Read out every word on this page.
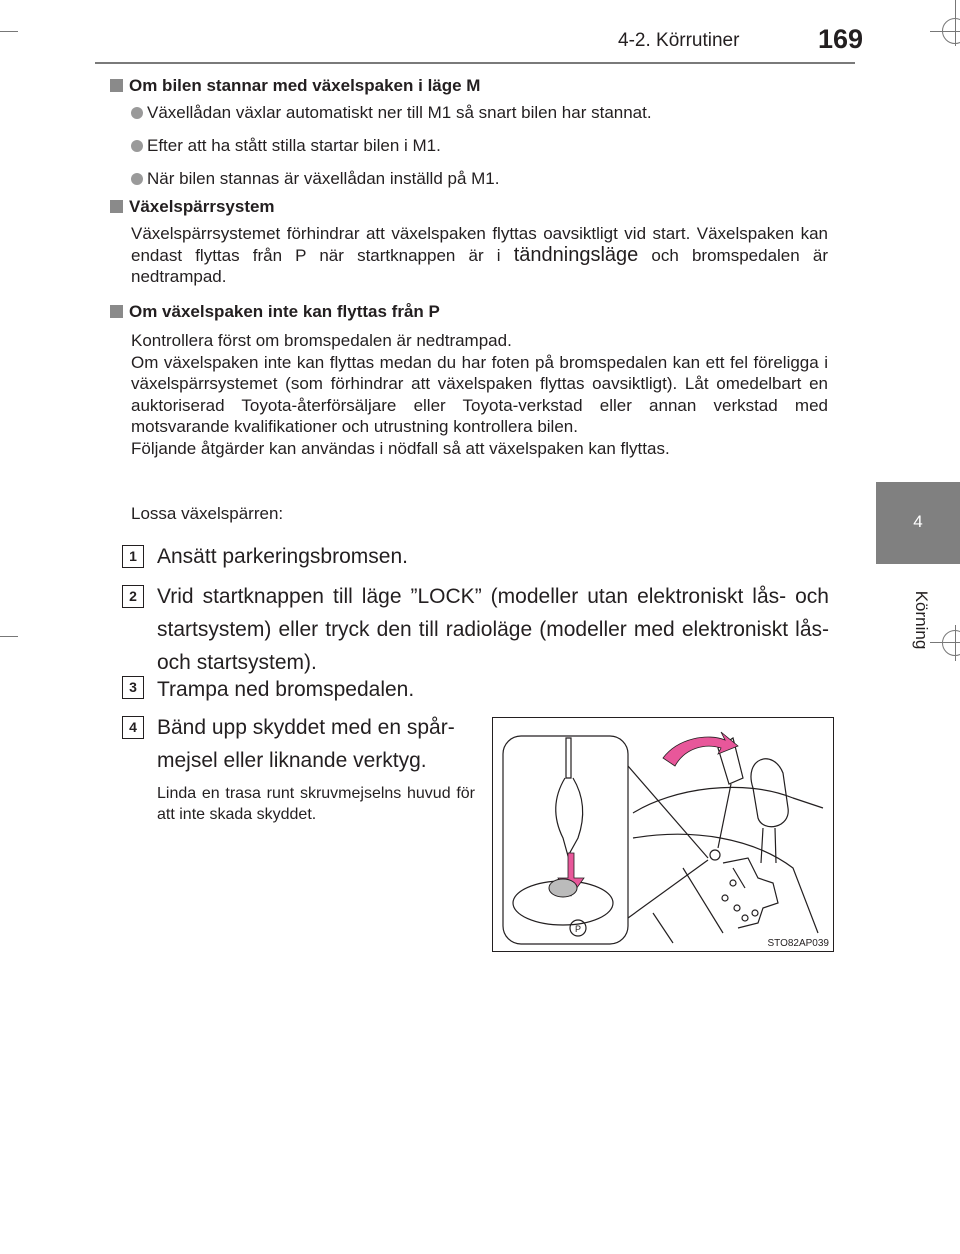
4-2. Körrutiner	169
4
Körning
Om bilen stannar med växelspaken i läge M
Växellådan växlar automatiskt ner till M1 så snart bilen har stannat.
Efter att ha stått stilla startar bilen i M1.
När bilen stannas är växellådan inställd på M1.
Växelspärrsystem

Växelspärrsystemet förhindrar att växelspaken flyttas oavsiktligt vid start. Växelspaken kan endast flyttas från P när startknappen är i tändningsläge och bromspedalen är nedtrampad.

Om växelspaken inte kan flyttas från P

Kontrollera först om bromspedalen är nedtrampad.

Om växelspaken inte kan flyttas medan du har foten på bromspedalen kan ett fel föreligga i växelspärrsystemet (som förhindrar att växelspaken flyttas oavsiktligt). Låt omedelbart en auktoriserad Toyota-återförsäljare eller Toyota-verkstad eller annan verkstad med motsvarande kvalifikationer och utrustning kontrollera bilen.

Följande åtgärder kan användas i nödfall så att växelspaken kan flyttas.

Lossa växelspärren:
1 Ansätt parkeringsbromsen.
2 Vrid startknappen till läge ”LOCK” (modeller utan elektroniskt lås- och startsystem) eller tryck den till radioläge (modeller med elektroniskt lås- och startsystem).
3 Trampa ned bromspedalen.
4 Bänd upp skyddet med en spår-mejsel eller liknande verktyg.
Linda en trasa runt skruvmejselns huvud för att inte skada skyddet.
P
STO82AP039
